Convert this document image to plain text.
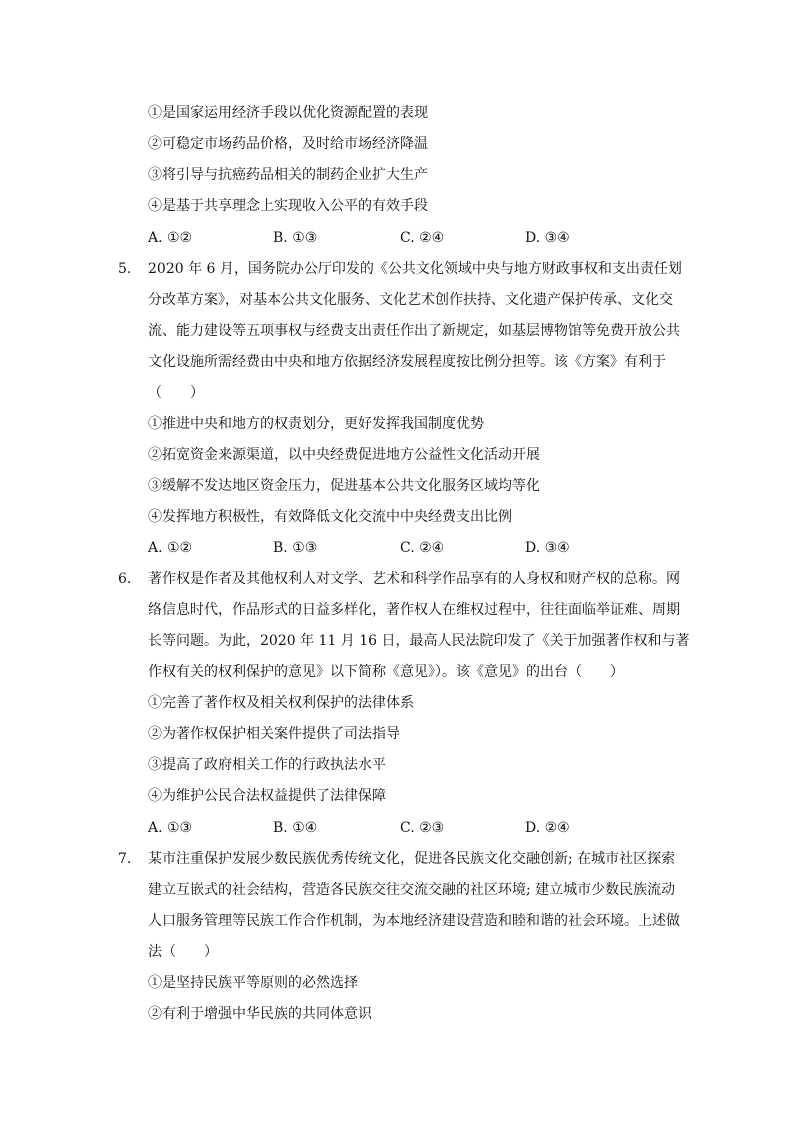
①是国家运用经济手段以优化资源配置的表现
②可稳定市场药品价格，及时给市场经济降温
③将引导与抗癌药品相关的制药企业扩大生产
④是基于共享理念上实现收入公平的有效手段
A. ①②	B. ①③	C. ②④	D. ③④
5. 2020 年 6 月，国务院办公厅印发的《公共文化领域中央与地方财政事权和支出责任划
分改革方案》，对基本公共文化服务、文化艺术创作扶持、文化遗产保护传承、文化交
流、能力建设等五项事权与经费支出责任作出了新规定，如基层博物馆等免费开放公共
文化设施所需经费由中央和地方依据经济发展程度按比例分担等。该《方案》有利于
（　　）
①推进中央和地方的权责划分，更好发挥我国制度优势
②拓宽资金来源渠道，以中央经费促进地方公益性文化活动开展
③缓解不发达地区资金压力，促进基本公共文化服务区域均等化
④发挥地方积极性，有效降低文化交流中中央经费支出比例
A. ①②	B. ①③	C. ②④	D. ③④
6. 著作权是作者及其他权利人对文学、艺术和科学作品享有的人身权和财产权的总称。网
络信息时代，作品形式的日益多样化，著作权人在维权过程中，往往面临举证难、周期
长等问题。为此，2020 年 11 月 16 日，最高人民法院印发了《关于加强著作权和与著
作权有关的权利保护的意见》以下简称《意见》）。该《意见》的出台（　　）
①完善了著作权及相关权利保护的法律体系
②为著作权保护相关案件提供了司法指导
③提高了政府相关工作的行政执法水平
④为维护公民合法权益提供了法律保障
A. ①③	B. ①④	C. ②③	D. ②④
7. 某市注重保护发展少数民族优秀传统文化，促进各民族文化交融创新; 在城市社区探索
建立互嵌式的社会结构，营造各民族交往交流交融的社区环境; 建立城市少数民族流动
人口服务管理等民族工作合作机制，为本地经济建设营造和睦和谐的社会环境。上述做
法（　　）
①是坚持民族平等原则的必然选择
②有利于增强中华民族的共同体意识
